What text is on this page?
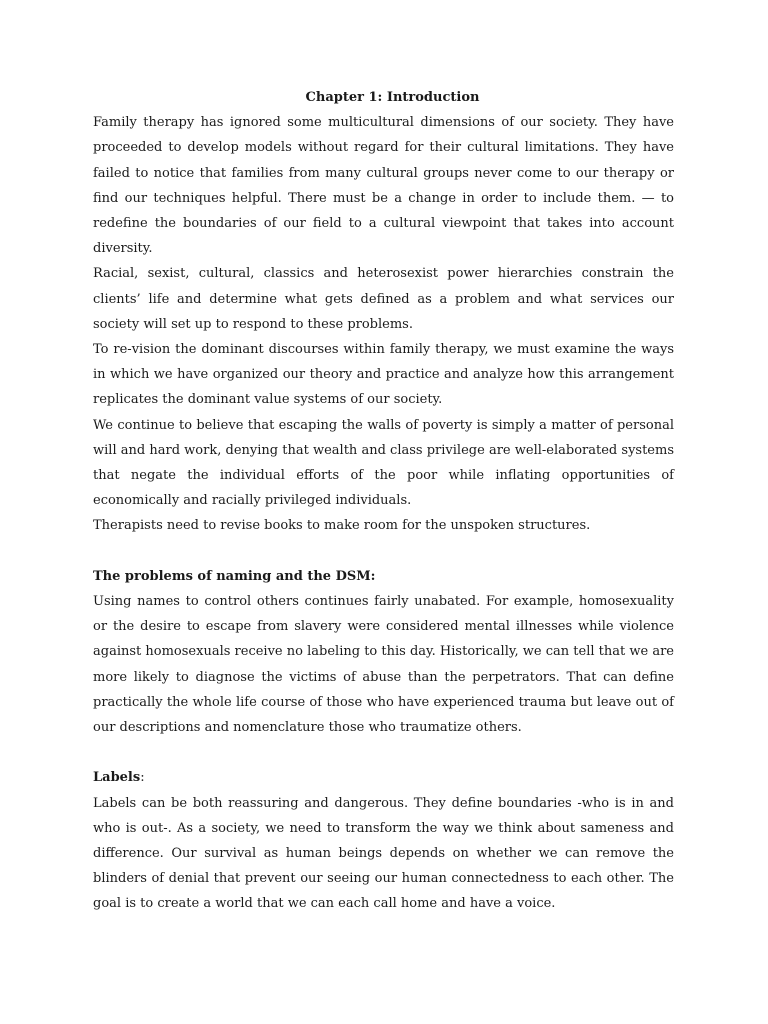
Chapter 1: Introduction

Family therapy has ignored some multicultural dimensions of our society. They have proceeded to develop models without regard for their cultural limitations. They have failed to notice that families from many cultural groups never come to our therapy or find our techniques helpful. There must be a change in order to include them. — to redefine the boundaries of our field to a cultural viewpoint that takes into account diversity.

Racial, sexist, cultural, classics and heterosexist power hierarchies constrain the clients’ life and determine what gets defined as a problem and what services our society will set up to respond to these problems.

To re-vision the dominant discourses within family therapy, we must examine the ways in which we have organized our theory and practice and analyze how this arrangement replicates the dominant value systems of our society.

We continue to believe that escaping the walls of poverty is simply a matter of personal will and hard work, denying that wealth and class privilege are well-elaborated systems that negate the individual efforts of the poor while inflating opportunities of economically and racially privileged individuals.

Therapists need to revise books to make room for the unspoken structures.

The problems of naming and the DSM:

Using names to control others continues fairly unabated. For example, homosexuality or the desire to escape from slavery were considered mental illnesses while violence against homosexuals receive no labeling to this day. Historically, we can tell that we are more likely to diagnose the victims of abuse than the perpetrators. That can define practically the whole life course of those who have experienced trauma but leave out of our descriptions and nomenclature those who traumatize others.

Labels:

Labels can be both reassuring and dangerous. They define boundaries -who is in and who is out-. As a society, we need to transform the way we think about sameness and difference. Our survival as human beings depends on whether we can remove the blinders of denial that prevent our seeing our human connectedness to each other. The goal is to create a world that we can each call home and have a voice.
